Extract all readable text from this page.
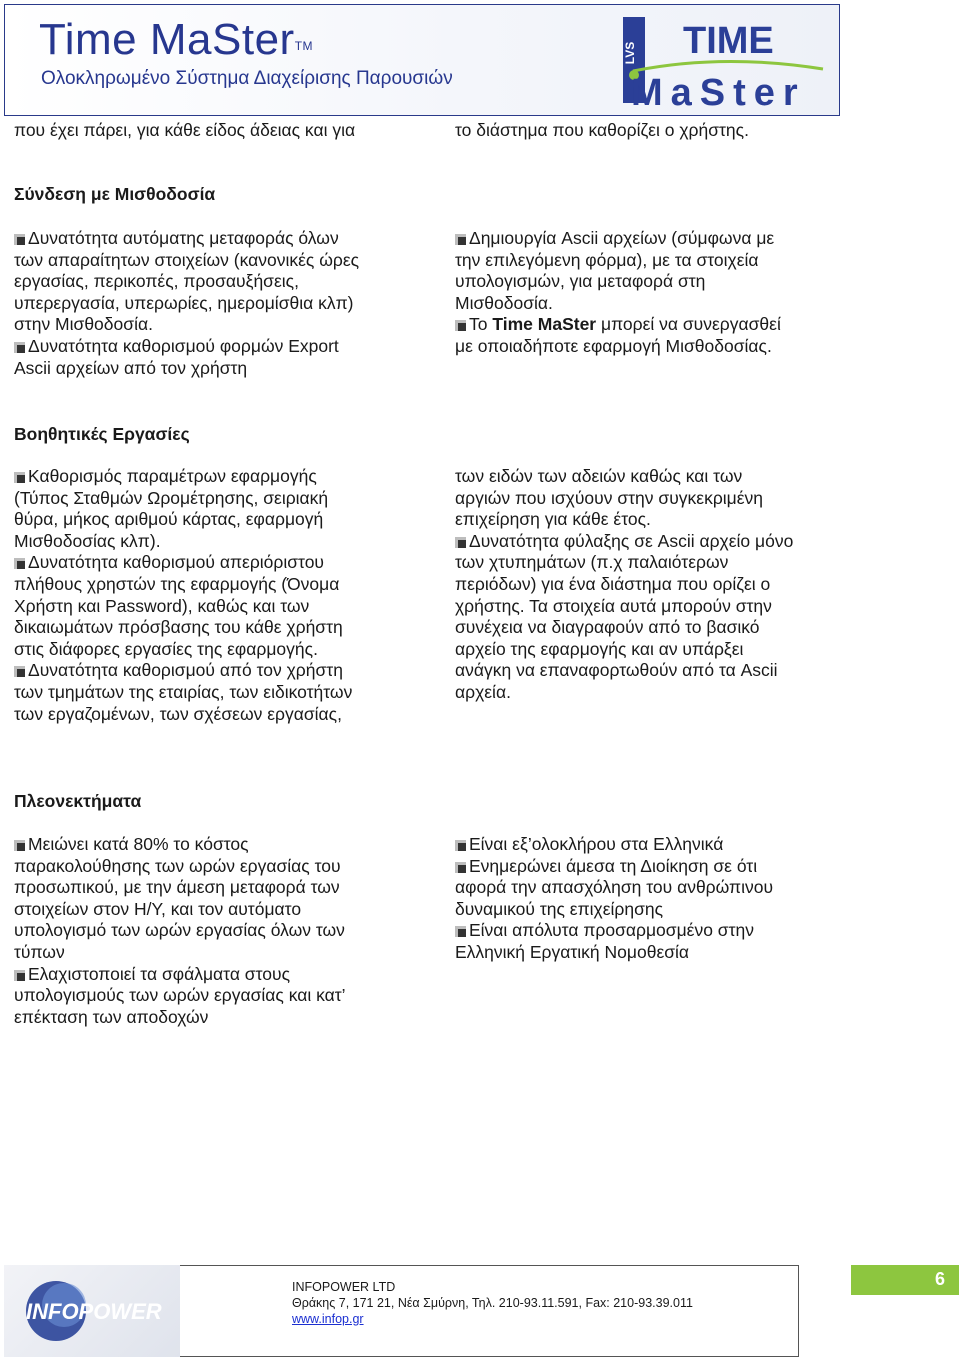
Time MaSter™
Ολοκληρωμένο Σύστημα Διαχείρισης Παρουσιών
LVS TIME
MaSter
που έχει πάρει, για κάθε είδος άδειας και για	το διάστημα που καθορίζει ο χρήστης.
Σύνδεση με Μισθοδοσία

Δυνατότητα αυτόματης μεταφοράς όλων

των απαραίτητων στοιχείων (κανονικές ώρες

εργασίας, περικοπές, προσαυξήσεις,

υπερεργασία, υπερωρίες, ημερομίσθια κλπ)

στην Μισθοδοσία.

Δυνατότητα καθορισμού φορμών Export

Ascii αρχείων από τον χρήστη

Δημιουργία Ascii αρχείων (σύμφωνα με

την επιλεγόμενη φόρμα), με τα στοιχεία

υπολογισμών, για μεταφορά στη

Μισθοδοσία.

Το Time MaSter μπορεί να συνεργασθεί

με οποιαδήποτε εφαρμογή Μισθοδοσίας.

Βοηθητικές Εργασίες

Καθορισμός παραμέτρων εφαρμογής

(Τύπος Σταθμών Ωρομέτρησης, σειριακή

θύρα, μήκος αριθμού κάρτας, εφαρμογή

Μισθοδοσίας κλπ).

Δυνατότητα καθορισμού απεριόριστου

πλήθους χρηστών της εφαρμογής (Όνομα

Χρήστη και Password), καθώς και των

δικαιωμάτων πρόσβασης του κάθε χρήστη

στις διάφορες εργασίες της εφαρμογής.

Δυνατότητα καθορισμού από τον χρήστη

των τμημάτων της εταιρίας, των ειδικοτήτων

των εργαζομένων, των σχέσεων εργασίας,

των ειδών των αδειών καθώς και των

αργιών που ισχύουν στην συγκεκριμένη

επιχείρηση για κάθε έτος.

Δυνατότητα φύλαξης σε Ascii αρχείο μόνο

των χτυπημάτων (π.χ παλαιότερων

περιόδων) για ένα διάστημα που ορίζει ο

χρήστης. Τα στοιχεία αυτά μπορούν στην

συνέχεια να διαγραφούν από το βασικό

αρχείο της εφαρμογής και αν υπάρξει

ανάγκη να επαναφορτωθούν από τα Ascii

αρχεία.

Πλεονεκτήματα

Μειώνει κατά 80% το κόστος

παρακολούθησης των ωρών εργασίας του

προσωπικού, με την άμεση μεταφορά των

στοιχείων στον Η/Υ, και τον αυτόματο

υπολογισμό των ωρών εργασίας όλων των

τύπων

Ελαχιστοποιεί τα σφάλματα στους

υπολογισμούς των ωρών εργασίας και κατ’

επέκταση των αποδοχών

Είναι εξ’ολοκλήρου στα Ελληνικά

Ενημερώνει άμεσα τη Διοίκηση σε ότι

αφορά την απασχόληση του ανθρώπινου

δυναμικού της επιχείρησης

Είναι απόλυτα προσαρμοσμένο στην

Ελληνική Εργατική Νομοθεσία

INFOPOWER
INFOPOWER LTD
Θράκης 7, 171 21, Νέα Σμύρνη, Τηλ. 210-93.11.591, Fax: 210-93.39.011
www.infop.gr
6
